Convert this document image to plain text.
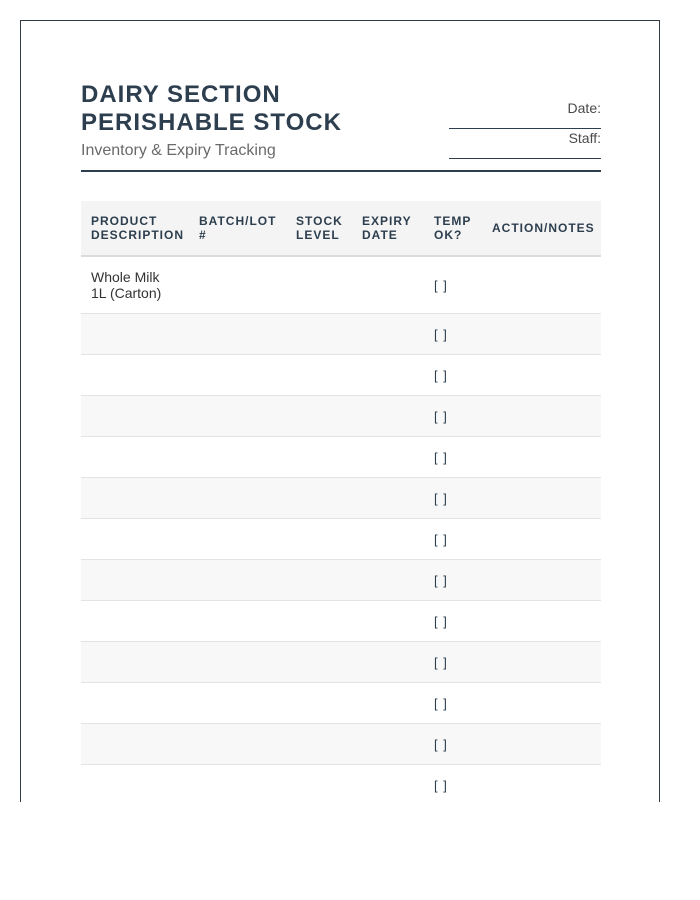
DAIRY SECTION
PERISHABLE STOCK
Inventory & Expiry Tracking
Date:
Staff:
PRODUCT DESCRIPTION	BATCH/LOT #	STOCK LEVEL	EXPIRY DATE	TEMP OK?	ACTION/NOTES

Whole Milk 1L (Carton)				[ ]	

				[ ]	

				[ ]	

				[ ]	

				[ ]	

				[ ]	

				[ ]	

				[ ]	

				[ ]	

				[ ]	

				[ ]	

				[ ]	

				[ ]	
